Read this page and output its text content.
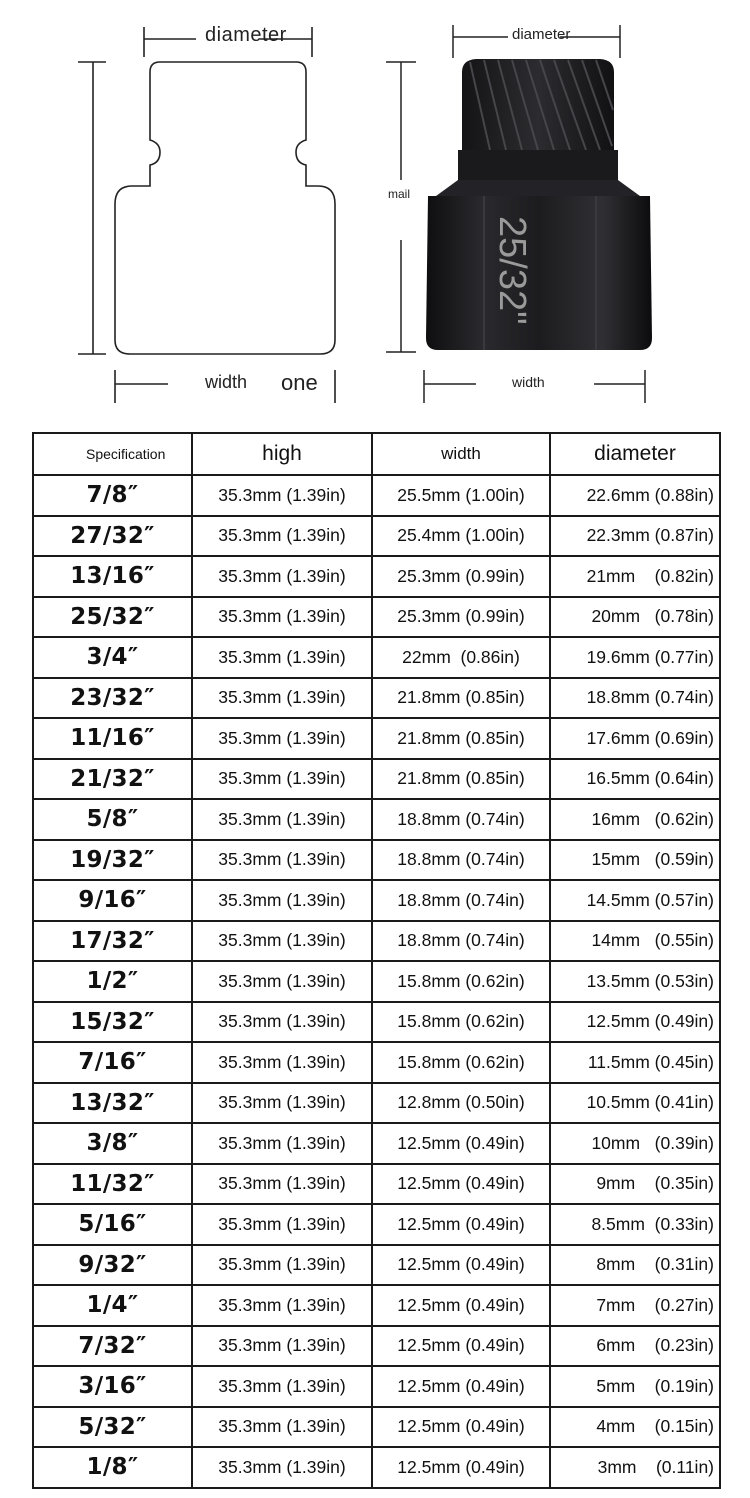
25/32"
diameter
width one
diameter
mail
width
Specification	high	width	diameter
7/8″	35.3mm (1.39in)	25.5mm (1.00in)	22.6mm (0.88in)
27/32″	35.3mm (1.39in)	25.4mm (1.00in)	22.3mm (0.87in)
13/16″	35.3mm (1.39in)	25.3mm (0.99in)	21mm    (0.82in)
25/32″	35.3mm (1.39in)	25.3mm (0.99in)	20mm   (0.78in)
3/4″	35.3mm (1.39in)	22mm  (0.86in)	19.6mm (0.77in)
23/32″	35.3mm (1.39in)	21.8mm (0.85in)	18.8mm (0.74in)
11/16″	35.3mm (1.39in)	21.8mm (0.85in)	17.6mm (0.69in)
21/32″	35.3mm (1.39in)	21.8mm (0.85in)	16.5mm (0.64in)
5/8″	35.3mm (1.39in)	18.8mm (0.74in)	16mm   (0.62in)
19/32″	35.3mm (1.39in)	18.8mm (0.74in)	15mm   (0.59in)
9/16″	35.3mm (1.39in)	18.8mm (0.74in)	14.5mm (0.57in)
17/32″	35.3mm (1.39in)	18.8mm (0.74in)	14mm   (0.55in)
1/2″	35.3mm (1.39in)	15.8mm (0.62in)	13.5mm (0.53in)
15/32″	35.3mm (1.39in)	15.8mm (0.62in)	12.5mm (0.49in)
7/16″	35.3mm (1.39in)	15.8mm (0.62in)	11.5mm (0.45in)
13/32″	35.3mm (1.39in)	12.8mm (0.50in)	10.5mm (0.41in)
3/8″	35.3mm (1.39in)	12.5mm (0.49in)	10mm   (0.39in)
11/32″	35.3mm (1.39in)	12.5mm (0.49in)	9mm    (0.35in)
5/16″	35.3mm (1.39in)	12.5mm (0.49in)	8.5mm  (0.33in)
9/32″	35.3mm (1.39in)	12.5mm (0.49in)	8mm    (0.31in)
1/4″	35.3mm (1.39in)	12.5mm (0.49in)	7mm    (0.27in)
7/32″	35.3mm (1.39in)	12.5mm (0.49in)	6mm    (0.23in)
3/16″	35.3mm (1.39in)	12.5mm (0.49in)	5mm    (0.19in)
5/32″	35.3mm (1.39in)	12.5mm (0.49in)	4mm    (0.15in)
1/8″	35.3mm (1.39in)	12.5mm (0.49in)	3mm    (0.11in)
